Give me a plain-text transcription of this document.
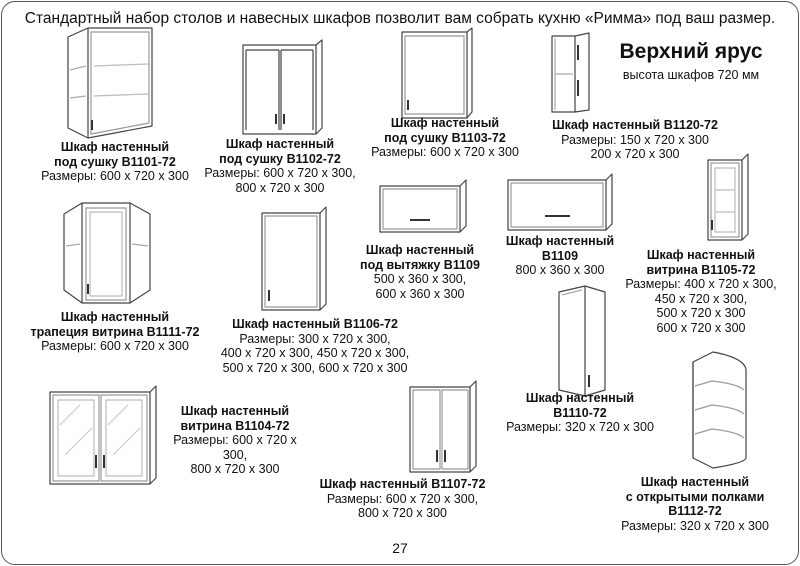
Стандартный набор столов и навесных шкафов позволит вам собрать кухню «Римма» под ваш размер.
Верхний ярус
высота шкафов 720 мм
Шкаф настенный
под сушку В1101-72
Размеры: 600 х 720 х 300
Шкаф настенный
под сушку В1102-72
Размеры: 600 х 720 х 300,
800 х 720 х 300
Шкаф настенный
под сушку В1103-72
Размеры: 600 х 720 х 300
Шкаф настенный В1120-72
Размеры: 150 х 720 х 300
200 х 720 х 300
Шкаф настенный
под вытяжку В1109
500 х 360 х 300,
600 х 360 х 300
Шкаф настенный
В1109
800 х 360 х 300
Шкаф настенный
витрина В1105-72
Размеры: 400 х 720 х 300,
450 х 720 х 300,
500 х 720 х 300
600 х 720 х 300
Шкаф настенный
трапеция витрина В1111-72
Размеры: 600 х 720 х 300
Шкаф настенный В1106-72
Размеры: 300 х 720 х 300,
400 х 720 х 300, 450 х 720 х 300,
500 х 720 х 300, 600 х 720 х 300
Шкаф настенный
В1110-72
Размеры: 320 х 720 х 300
Шкаф настенный
витрина В1104-72
Размеры: 600 х 720 х 300,
800 х 720 х 300
Шкаф настенный В1107-72
Размеры: 600 х 720 х 300,
800 х 720 х 300
Шкаф настенный
с открытыми полками
В1112-72
Размеры: 320 х 720 х 300
27
